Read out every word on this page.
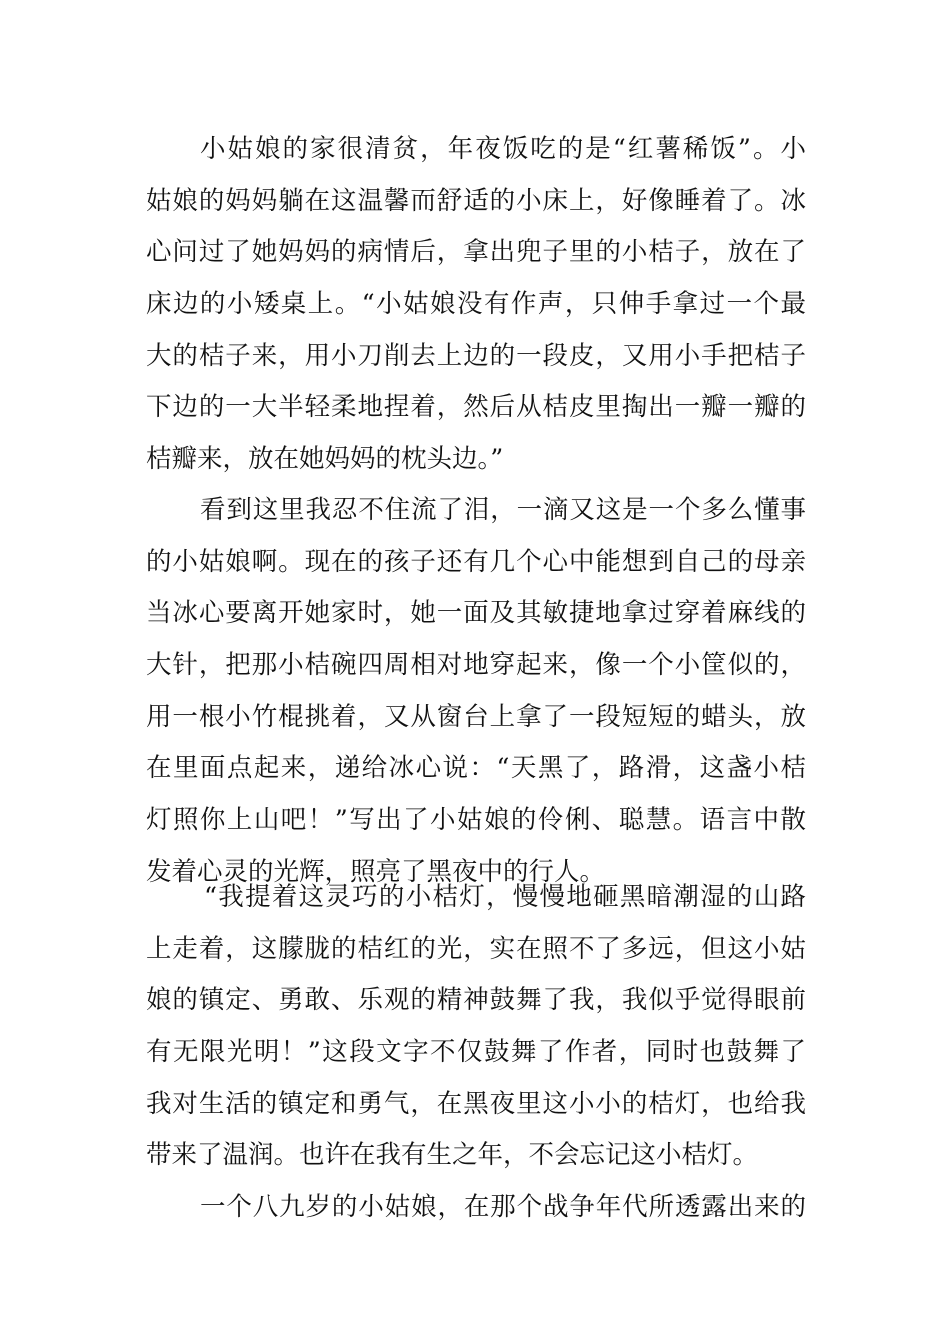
小姑娘的家很清贫，年夜饭吃的是“红薯稀饭”。小
姑娘的妈妈躺在这温馨而舒适的小床上，好像睡着了。冰
心问过了她妈妈的病情后，拿出兜子里的小桔子，放在了
床边的小矮桌上。“小姑娘没有作声，只伸手拿过一个最
大的桔子来，用小刀削去上边的一段皮，又用小手把桔子
下边的一大半轻柔地捏着，然后从桔皮里掏出一瓣一瓣的
桔瓣来，放在她妈妈的枕头边。”
看到这里我忍不住流了泪，一滴又这是一个多么懂事
的小姑娘啊。现在的孩子还有几个心中能想到自己的母亲
当冰心要离开她家时，她一面及其敏捷地拿过穿着麻线的
大针，把那小桔碗四周相对地穿起来，像一个小筐似的，
用一根小竹棍挑着，又从窗台上拿了一段短短的蜡头，放
在里面点起来，递给冰心说：“天黑了，路滑，这盏小桔
灯照你上山吧！”写出了小姑娘的伶俐、聪慧。语言中散
发着心灵的光辉，照亮了黑夜中的行人。
“我提着这灵巧的小桔灯，慢慢地砸黑暗潮湿的山路
上走着，这朦胧的桔红的光，实在照不了多远，但这小姑
娘的镇定、勇敢、乐观的精神鼓舞了我，我似乎觉得眼前
有无限光明！”这段文字不仅鼓舞了作者，同时也鼓舞了
我对生活的镇定和勇气，在黑夜里这小小的桔灯，也给我
带来了温润。也许在我有生之年，不会忘记这小桔灯。
一个八九岁的小姑娘，在那个战争年代所透露出来的
